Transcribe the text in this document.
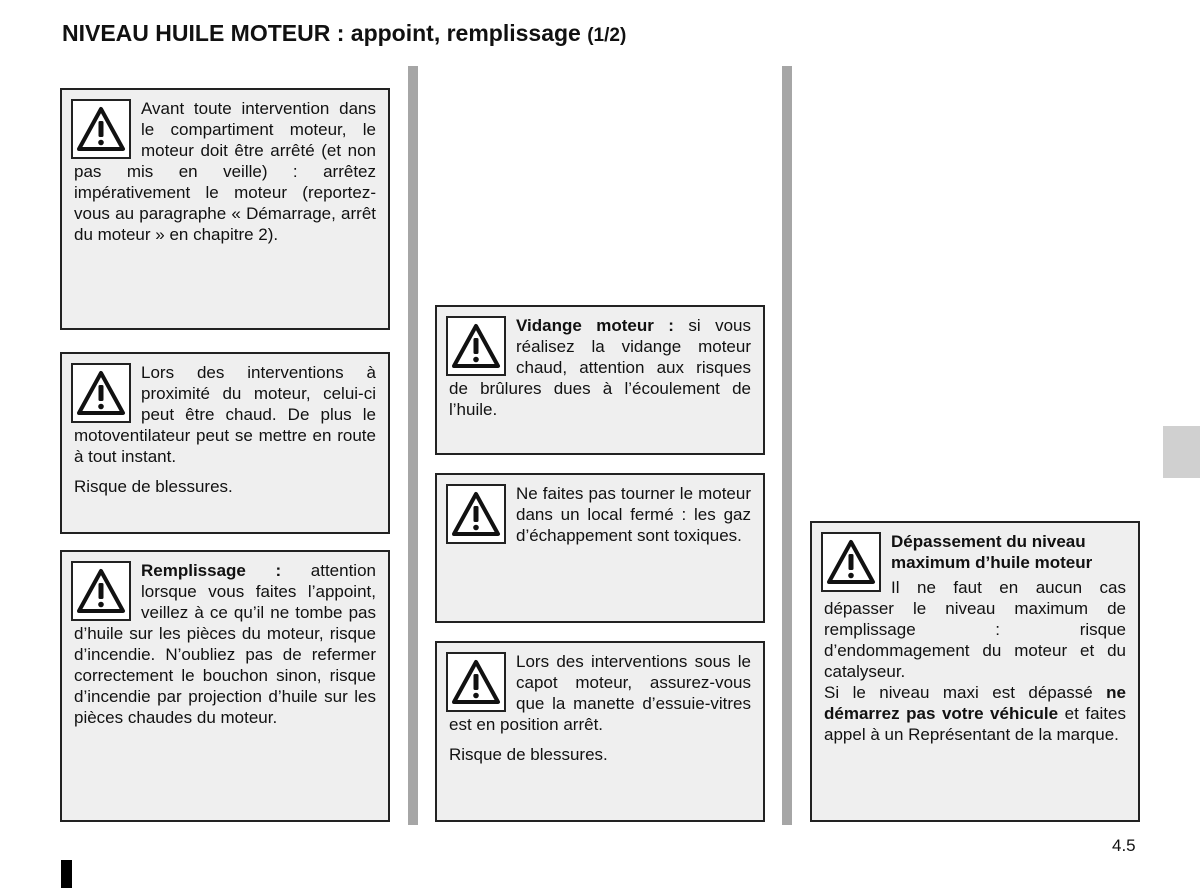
NIVEAU HUILE MOTEUR : appoint, remplissage (1/2)

Avant toute intervention dans le compartiment moteur, le moteur doit être arrêté (et non pas mis en veille) : arrêtez impérativement le moteur (reportez-vous au paragraphe « Démarrage, arrêt du moteur » en chapitre 2).

Lors des interventions à proximité du moteur, celui-ci peut être chaud. De plus le motoventilateur peut se mettre en route à tout instant.

Risque de blessures.

Remplissage : attention lorsque vous faites l’appoint, veillez à ce qu’il ne tombe pas d’huile sur les pièces du moteur, risque d’incendie. N’oubliez pas de refermer correctement le bouchon sinon, risque d’incendie par projection d’huile sur les pièces chaudes du moteur.

Vidange moteur : si vous réalisez la vidange moteur chaud, attention aux risques de brûlures dues à l’écoulement de l’huile.

Ne faites pas tourner le moteur dans un local fermé : les gaz d’échappement sont toxiques.

Lors des interventions sous le capot moteur, assurez-vous que la manette d’essuie-vitres est en position arrêt.

Risque de blessures.

Dépassement du niveau maximum d’huile moteur

Il ne faut en aucun cas dépasser le niveau maximum de remplissage : risque d’endommagement du moteur et du catalyseur.

Si le niveau maxi est dépassé ne démarrez pas votre véhicule et faites appel à un Représentant de la marque.

4.5
